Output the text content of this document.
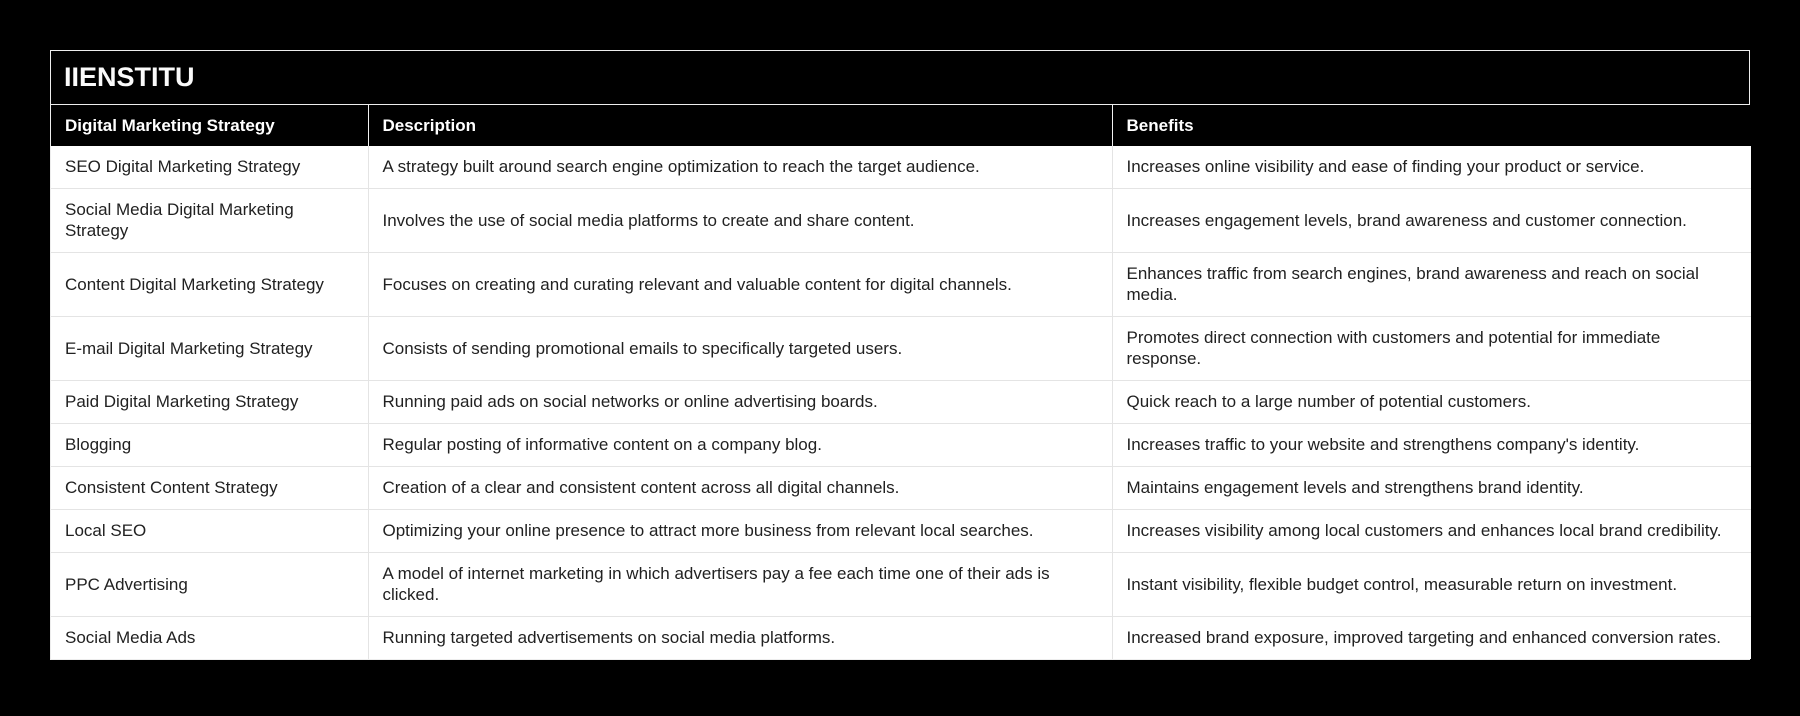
IIENSTITU
Digital Marketing Strategy	Description	Benefits
SEO Digital Marketing Strategy	A strategy built around search engine optimization to reach the target audience.	Increases online visibility and ease of finding your product or service.
Social Media Digital Marketing Strategy	Involves the use of social media platforms to create and share content.	Increases engagement levels, brand awareness and customer connection.
Content Digital Marketing Strategy	Focuses on creating and curating relevant and valuable content for digital channels.	Enhances traffic from search engines, brand awareness and reach on social media.
E-mail Digital Marketing Strategy	Consists of sending promotional emails to specifically targeted users.	Promotes direct connection with customers and potential for immediate response.
Paid Digital Marketing Strategy	Running paid ads on social networks or online advertising boards.	Quick reach to a large number of potential customers.
Blogging	Regular posting of informative content on a company blog.	Increases traffic to your website and strengthens company's identity.
Consistent Content Strategy	Creation of a clear and consistent content across all digital channels.	Maintains engagement levels and strengthens brand identity.
Local SEO	Optimizing your online presence to attract more business from relevant local searches.	Increases visibility among local customers and enhances local brand credibility.
PPC Advertising	A model of internet marketing in which advertisers pay a fee each time one of their ads is clicked.	Instant visibility, flexible budget control, measurable return on investment.
Social Media Ads	Running targeted advertisements on social media platforms.	Increased brand exposure, improved targeting and enhanced conversion rates.
